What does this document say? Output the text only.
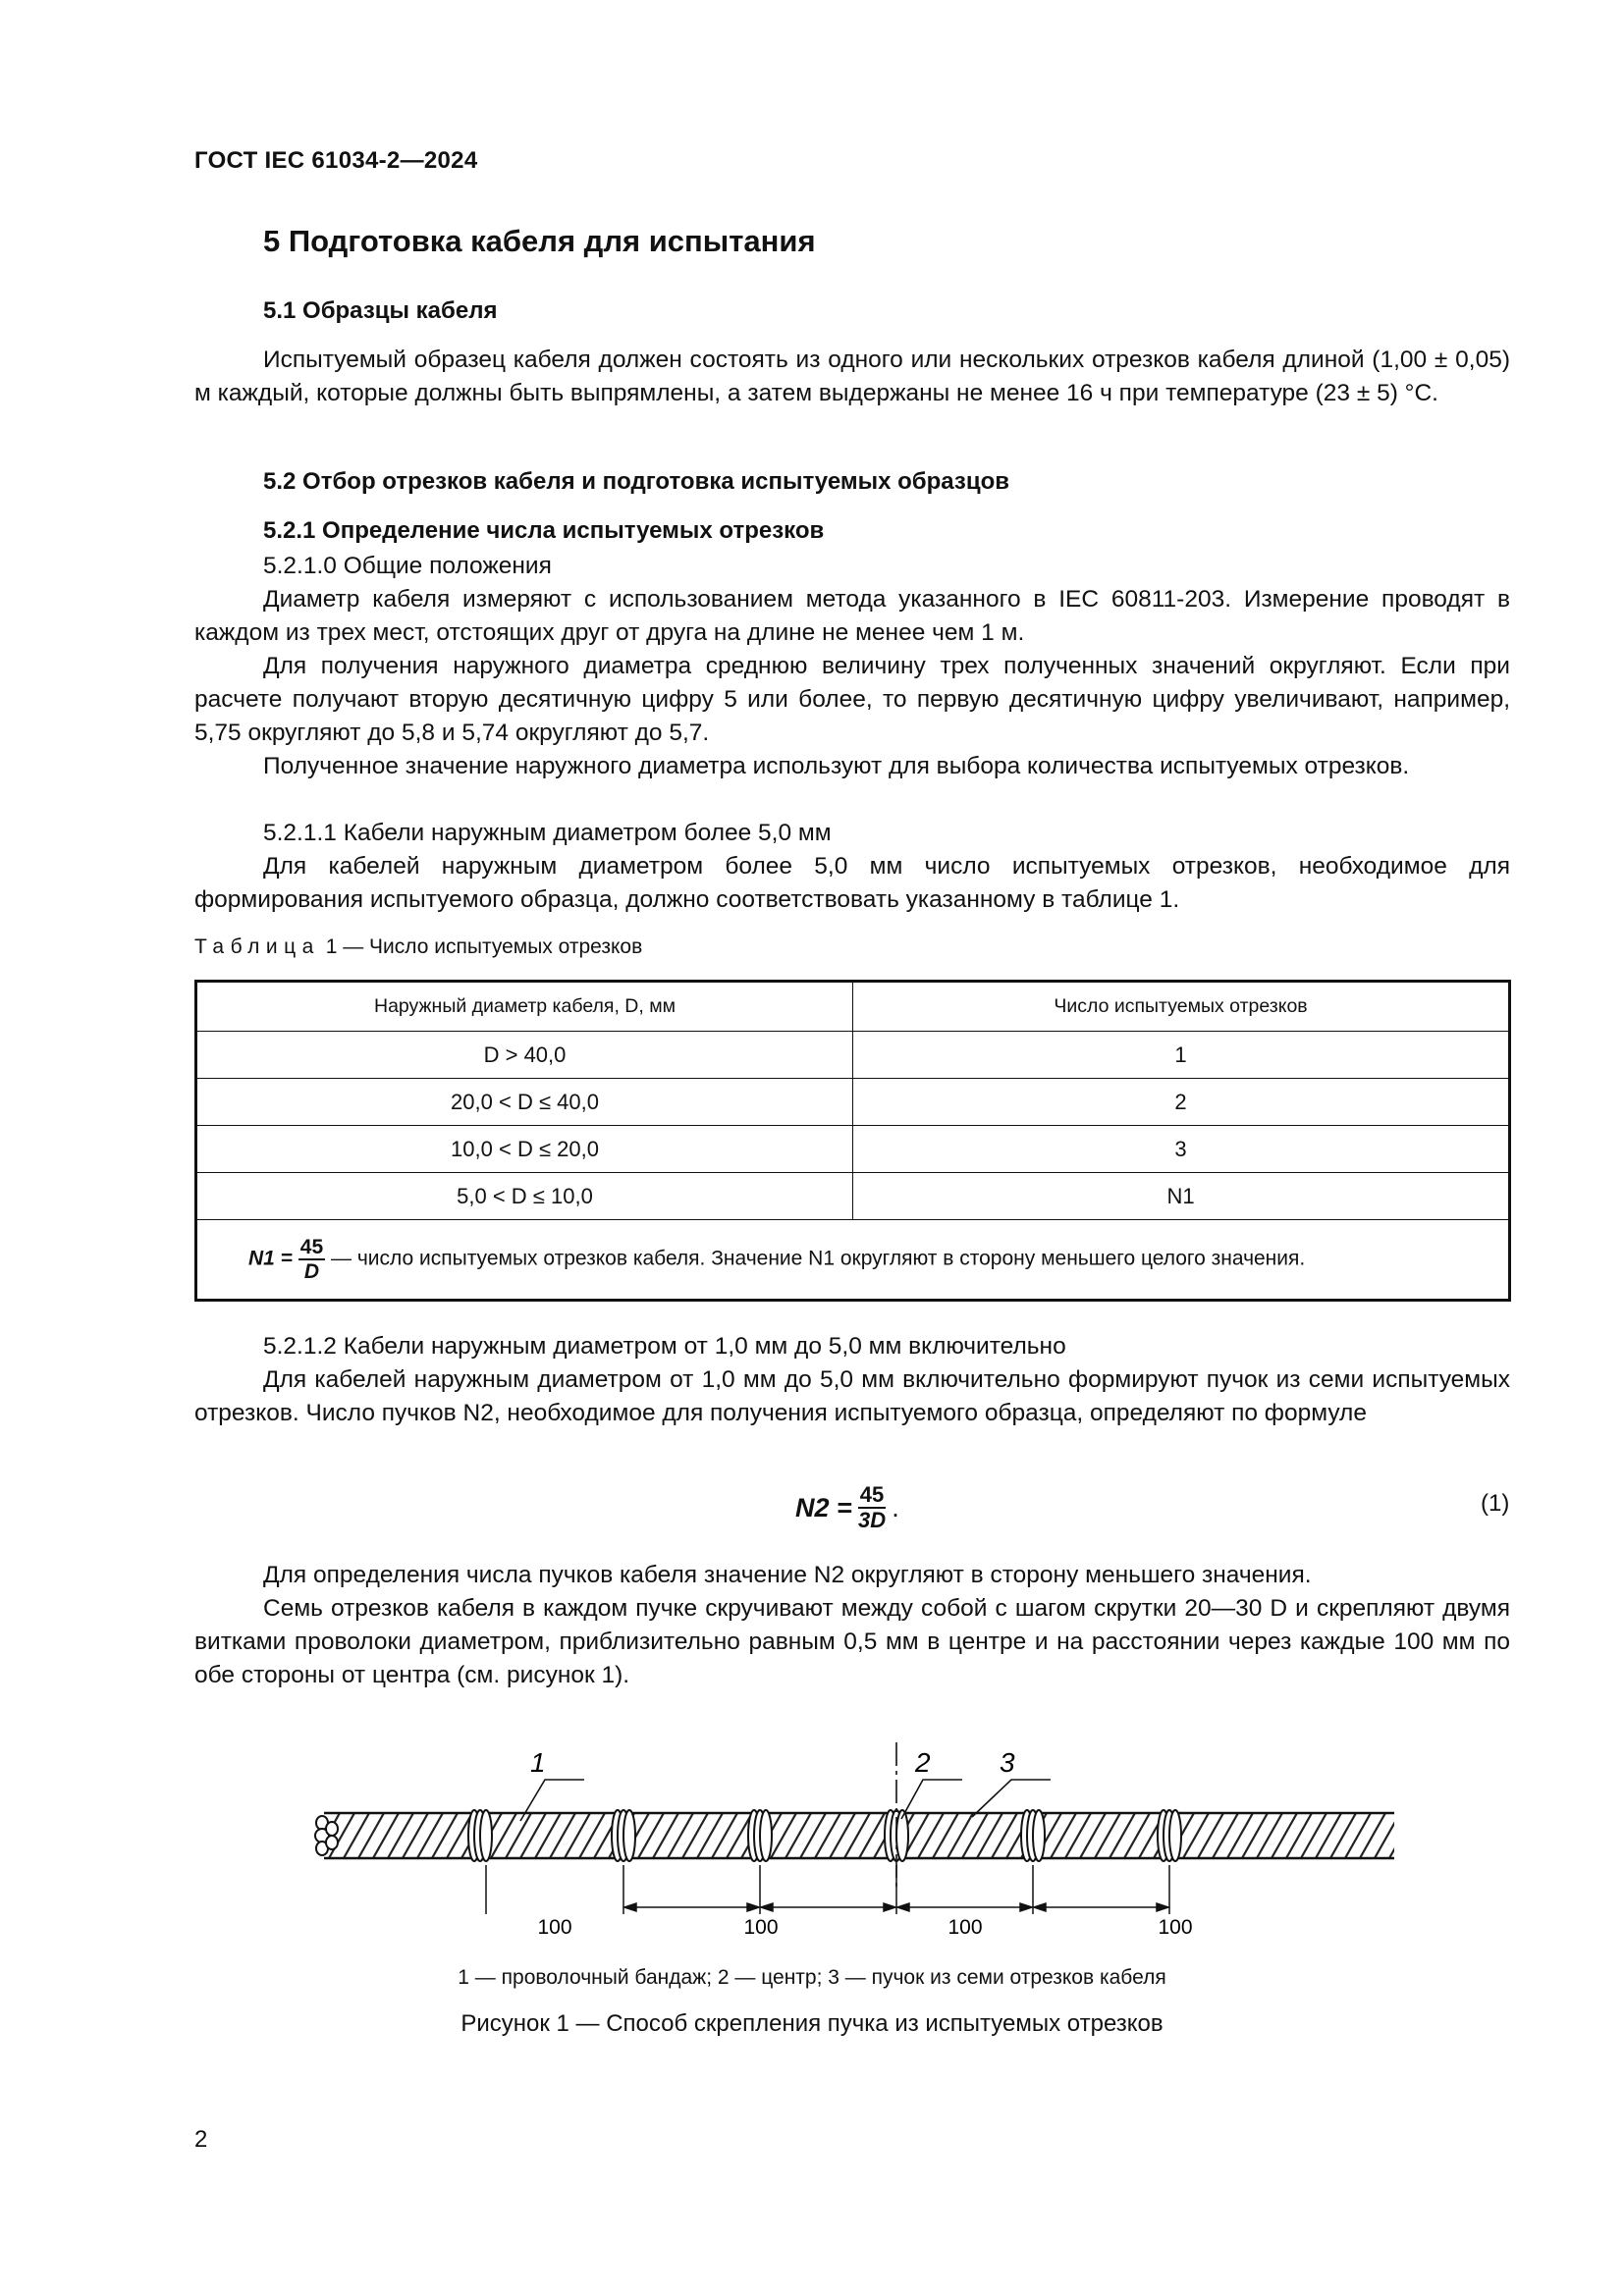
ГОСТ IEC 61034-2—2024
5 Подготовка кабеля для испытания
5.1 Образцы кабеля
Испытуемый образец кабеля должен состоять из одного или нескольких отрезков кабеля длиной (1,00 ± 0,05) м каждый, которые должны быть выпрямлены, а затем выдержаны не менее 16 ч при температуре (23 ± 5) °С.
5.2 Отбор отрезков кабеля и подготовка испытуемых образцов
5.2.1 Определение числа испытуемых отрезков
5.2.1.0 Общие положения
Диаметр кабеля измеряют с использованием метода указанного в IEC 60811-203. Измерение проводят в каждом из трех мест, отстоящих друг от друга на длине не менее чем 1 м.
Для получения наружного диаметра среднюю величину трех полученных значений округляют. Если при расчете получают вторую десятичную цифру 5 или более, то первую десятичную цифру увеличивают, например, 5,75 округляют до 5,8 и 5,74 округляют до 5,7.
Полученное значение наружного диаметра используют для выбора количества испытуемых отрезков.
5.2.1.1 Кабели наружным диаметром более 5,0 мм
Для кабелей наружным диаметром более 5,0 мм число испытуемых отрезков, необходимое для формирования испытуемого образца, должно соответствовать указанному в таблице 1.
Таблица 1 — Число испытуемых отрезков
Наружный диаметр кабеля, D, мм	Число испытуемых отрезков
D > 40,0	1
20,0 < D ≤ 40,0	2
10,0 < D ≤ 20,0	3
5,0 < D ≤ 10,0	N1
$N1 = \frac{45}{D}$ — число испытуемых отрезков кабеля. Значение N1 округляют в сторону меньшего целого значения.	
5.2.1.2 Кабели наружным диаметром от 1,0 мм до 5,0 мм включительно
Для кабелей наружным диаметром от 1,0 мм до 5,0 мм включительно формируют пучок из семи испытуемых отрезков. Число пучков N2, необходимое для получения испытуемого образца, определяют по формуле
$N2 = \frac{45}{3D}$ .	(1)
Для определения числа пучков кабеля значение N2 округляют в сторону меньшего значения.
Семь отрезков кабеля в каждом пучке скручивают между собой с шагом скрутки 20—30 D и скрепляют двумя витками проволоки диаметром, приблизительно равным 0,5 мм в центре и на расстоянии через каждые 100 мм по обе стороны от центра (см. рисунок 1).
1	2	3
100	100	100	100
1 — проволочный бандаж; 2 — центр; 3 — пучок из семи отрезков кабеля
Рисунок 1 — Способ скрепления пучка из испытуемых отрезков
2
